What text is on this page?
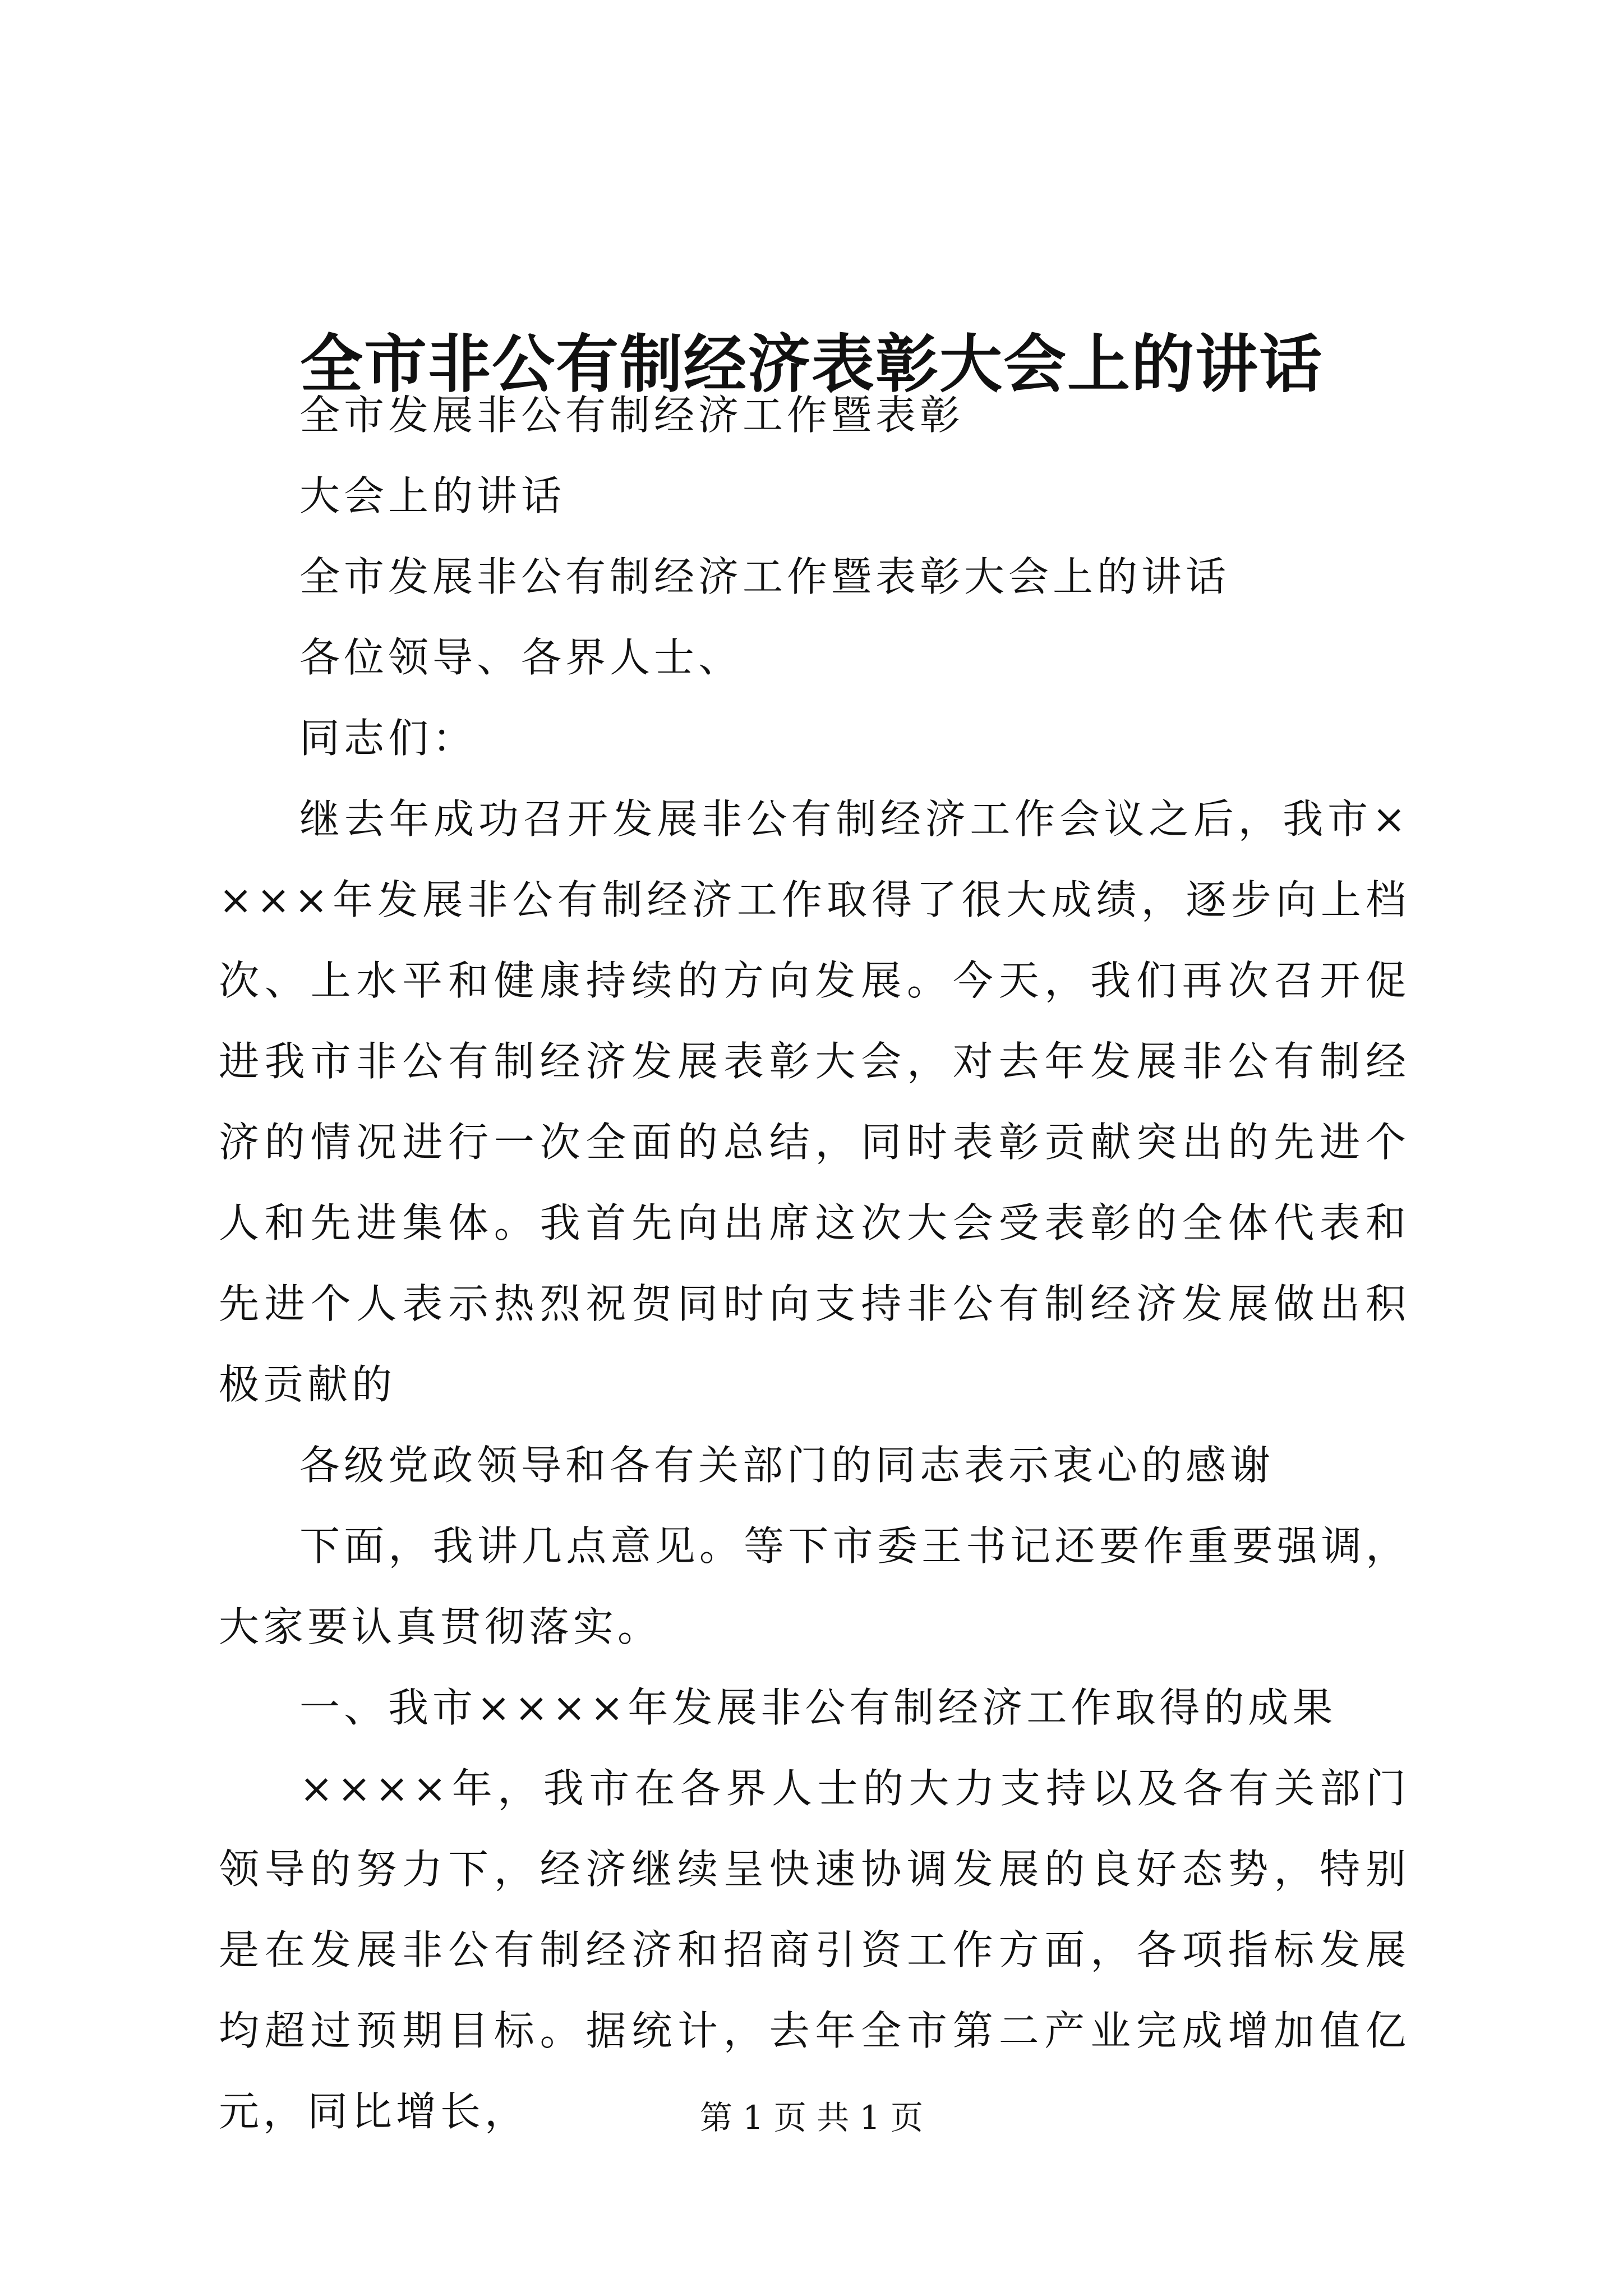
全市非公有制经济表彰大会上的讲话

全市发展非公有制经济工作暨表彰

大会上的讲话

全市发展非公有制经济工作暨表彰大会上的讲话

各位领导、各界人士、

同志们：

继去年成功召开发展非公有制经济工作会议之后，我市××××年发展非公有制经济工作取得了很大成绩，逐步向上档次、上水平和健康持续的方向发展。今天，我们再次召开促进我市非公有制经济发展表彰大会，对去年发展非公有制经济的情况进行一次全面的总结，同时表彰贡献突出的先进个人和先进集体。我首先向出席这次大会受表彰的全体代表和先进个人表示热烈祝贺同时向支持非公有制经济发展做出积极贡献的

各级党政领导和各有关部门的同志表示衷心的感谢

下面，我讲几点意见。等下市委王书记还要作重要强调，大家要认真贯彻落实。

一、我市××××年发展非公有制经济工作取得的成果

××××年，我市在各界人士的大力支持以及各有关部门领导的努力下，经济继续呈快速协调发展的良好态势，特别是在发展非公有制经济和招商引资工作方面，各项指标发展均超过预期目标。据统计，去年全市第二产业完成增加值亿元，同比增长，	第 1 页 共 1 页
